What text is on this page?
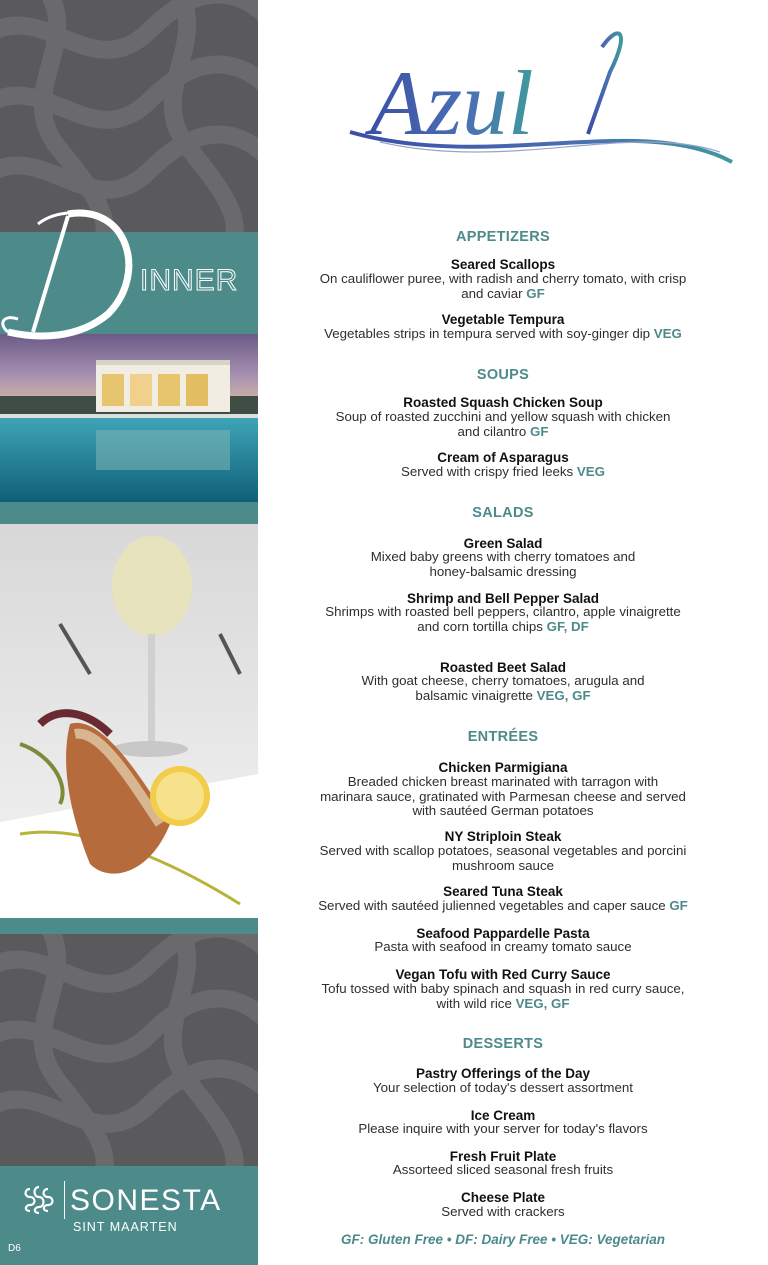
INNER
SONESTA
SINT MAARTEN
D6
Azul
APPETIZERS
Seared Scallops
On cauliflower puree, with radish and cherry tomato, with crisp
and caviar GF
Vegetable Tempura
Vegetables strips in tempura served with soy-ginger dip VEG
SOUPS
Roasted Squash Chicken Soup
Soup of roasted zucchini and yellow squash with chicken
and cilantro GF
Cream of Asparagus
Served with crispy fried leeks VEG
SALADS
Green Salad
Mixed baby greens with cherry tomatoes and
honey-balsamic dressing
Shrimp and Bell Pepper Salad
Shrimps with roasted bell peppers, cilantro, apple vinaigrette
and corn tortilla chips GF, DF
Roasted Beet Salad
With goat cheese, cherry tomatoes, arugula and
balsamic vinaigrette VEG, GF
ENTRÉES
Chicken Parmigiana
Breaded chicken breast marinated with tarragon with
marinara sauce, gratinated with Parmesan cheese and served
with sautéed German potatoes
NY Striploin Steak
Served with scallop potatoes, seasonal vegetables and porcini
mushroom sauce
Seared Tuna Steak
Served with sautéed julienned vegetables and caper sauce GF
Seafood Pappardelle Pasta
Pasta with seafood in creamy tomato sauce
Vegan Tofu with Red Curry Sauce
Tofu tossed with baby spinach and squash in red curry sauce,
with wild rice VEG, GF
DESSERTS
Pastry Offerings of the Day
Your selection of today's dessert assortment
Ice Cream
Please inquire with your server for today's flavors
Fresh Fruit Plate
Assorteed sliced seasonal fresh fruits
Cheese Plate
Served with crackers
GF: Gluten Free • DF: Dairy Free • VEG: Vegetarian
